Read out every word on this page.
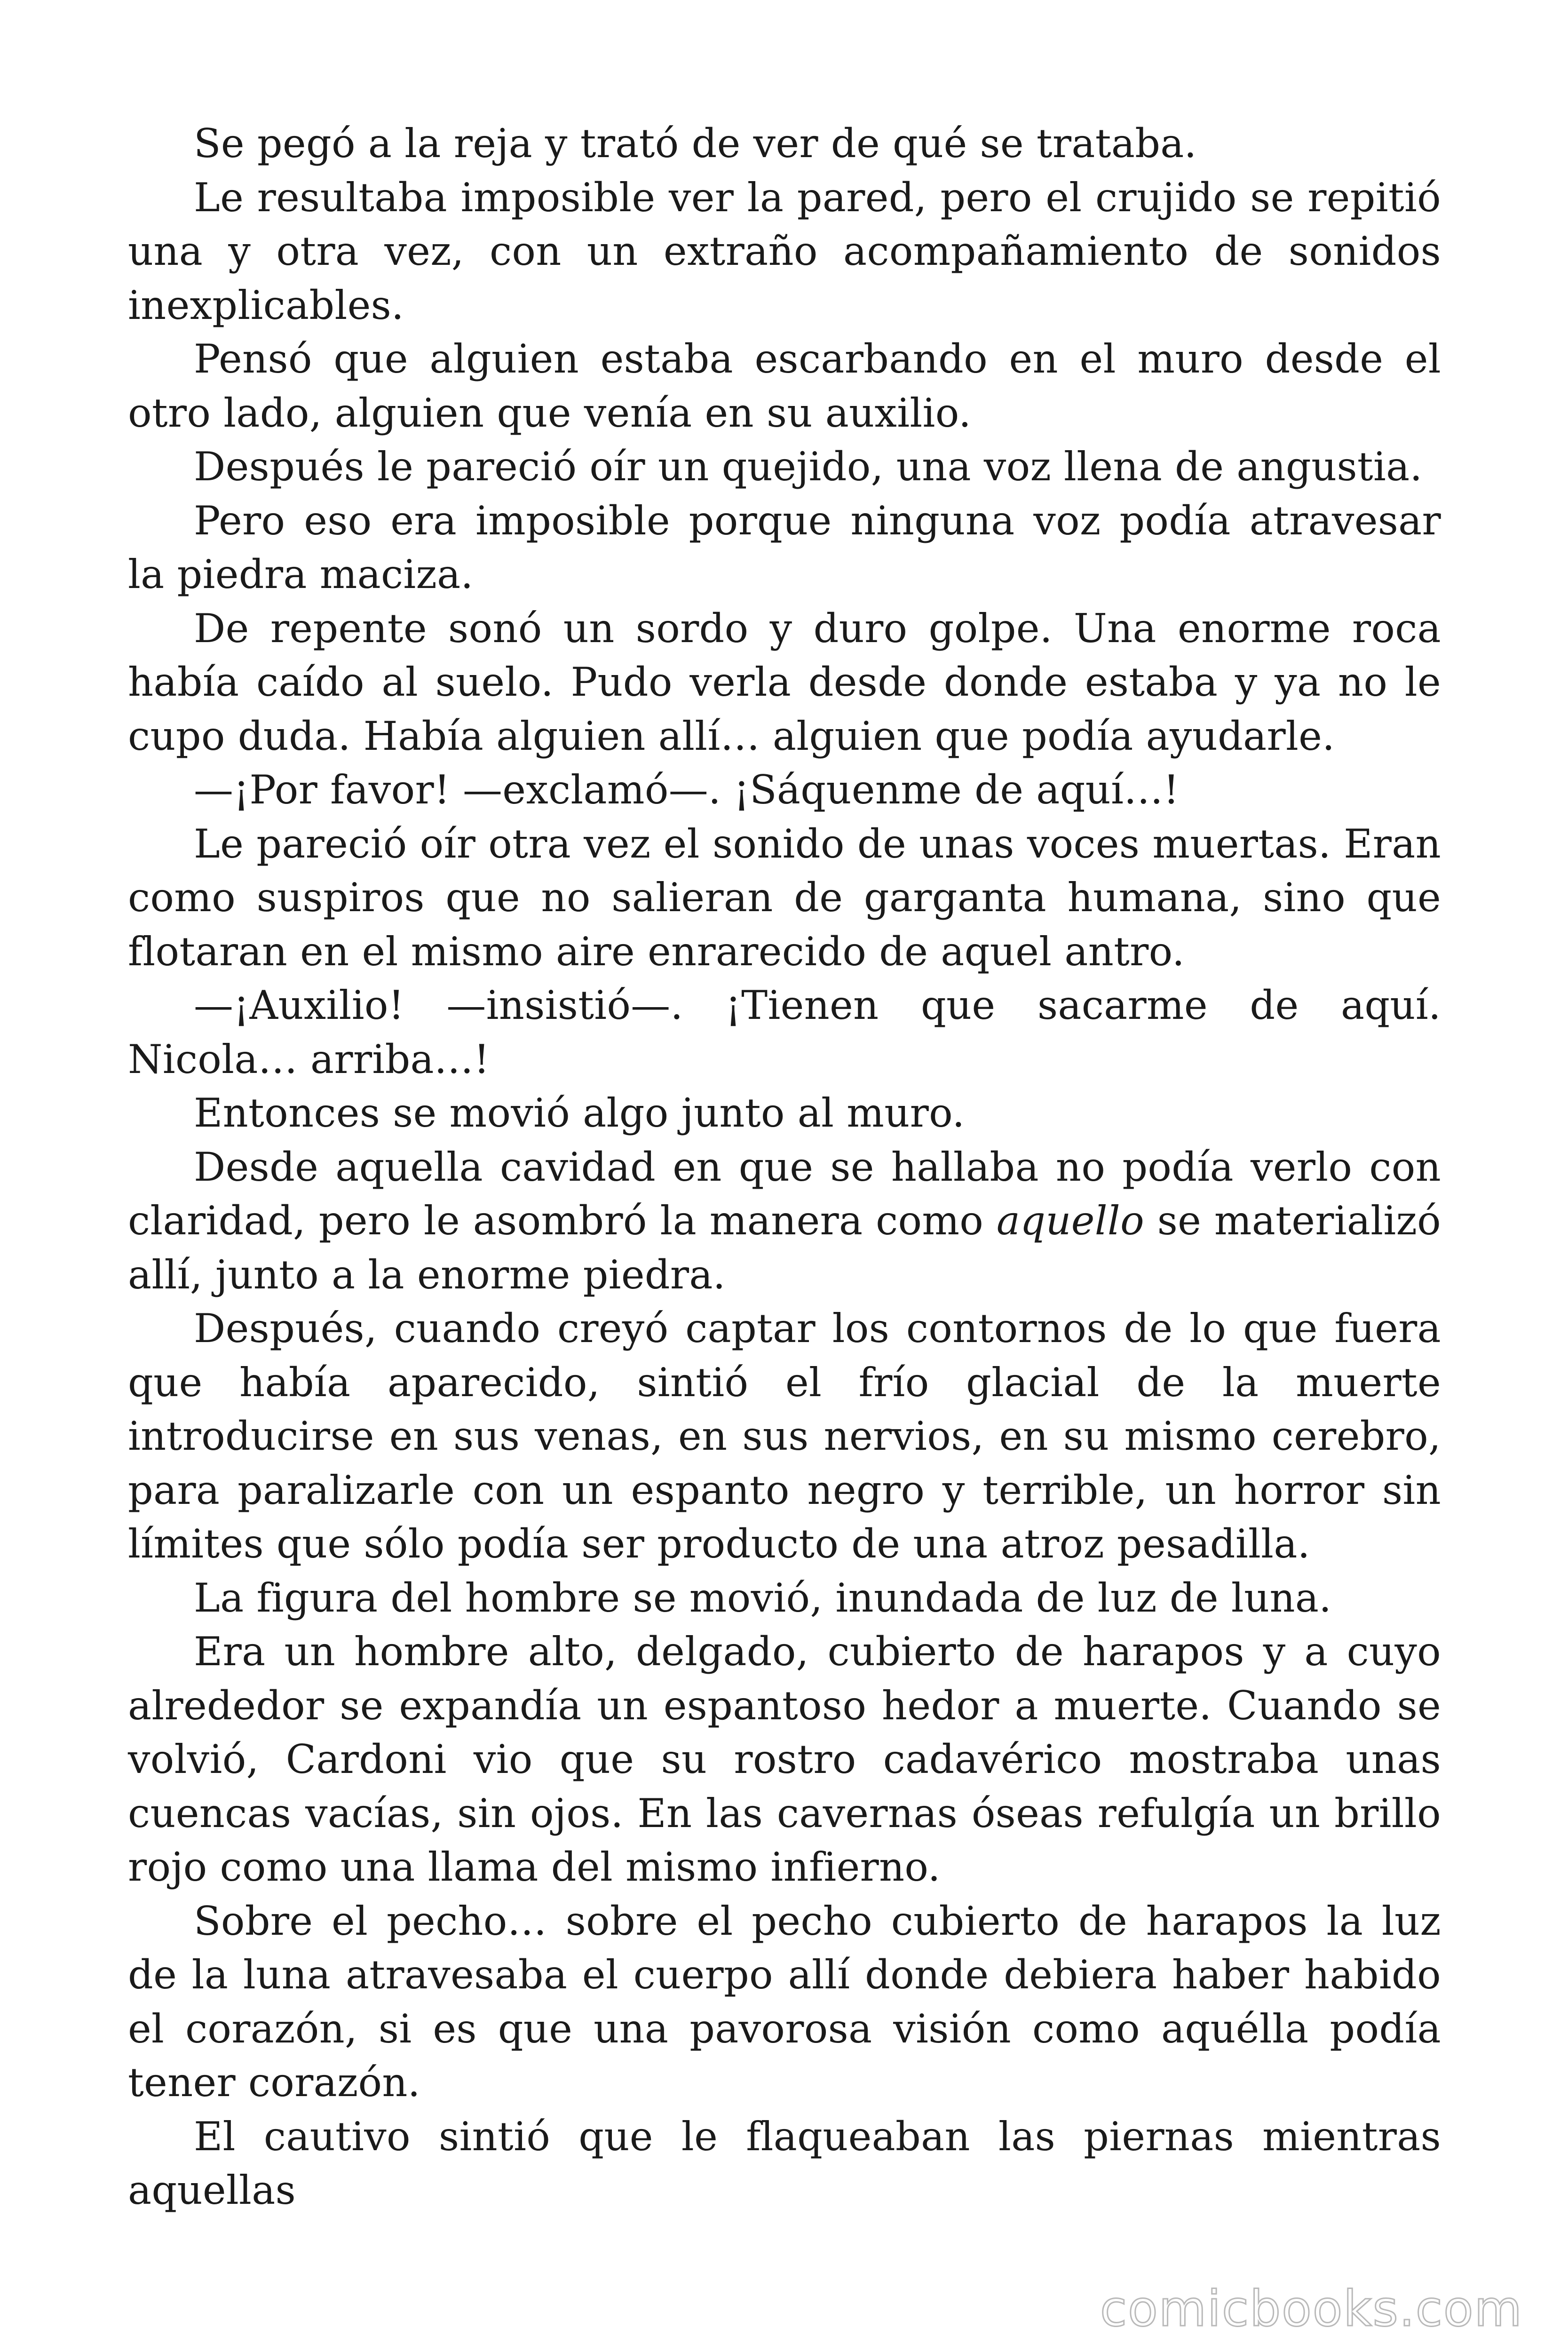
Se pegó a la reja y trató de ver de qué se trataba.

Le resultaba imposible ver la pared, pero el crujido se repitió una y otra vez, con un extraño acompañamiento de sonidos inexplicables.

Pensó que alguien estaba escarbando en el muro desde el otro lado, alguien que venía en su auxilio.

Después le pareció oír un quejido, una voz llena de angustia.

Pero eso era imposible porque ninguna voz podía atravesar la piedra maciza.

De repente sonó un sordo y duro golpe. Una enorme roca había caído al suelo. Pudo verla desde donde estaba y ya no le cupo duda. Había alguien allí… alguien que podía ayudarle.

—¡Por favor! —exclamó—. ¡Sáquenme de aquí…!

Le pareció oír otra vez el sonido de unas voces muertas. Eran como suspiros que no salieran de garganta humana, sino que flotaran en el mismo aire enrarecido de aquel antro.

—¡Auxilio! —insistió—. ¡Tienen que sacarme de aquí. Nicola… arriba…!

Entonces se movió algo junto al muro.

Desde aquella cavidad en que se hallaba no podía verlo con claridad, pero le asombró la manera como aquello se materializó allí, junto a la enorme piedra.

Después, cuando creyó captar los contornos de lo que fuera que había aparecido, sintió el frío glacial de la muerte introducirse en sus venas, en sus nervios, en su mismo cerebro, para paralizarle con un espanto negro y terrible, un horror sin límites que sólo podía ser producto de una atroz pesadilla.

La figura del hombre se movió, inundada de luz de luna.

Era un hombre alto, delgado, cubierto de harapos y a cuyo alrededor se expandía un espantoso hedor a muerte. Cuando se volvió, Cardoni vio que su rostro cadavérico mostraba unas cuencas vacías, sin ojos. En las cavernas óseas refulgía un brillo rojo como una llama del mismo infierno.

Sobre el pecho… sobre el pecho cubierto de harapos la luz de la luna atravesaba el cuerpo allí donde debiera haber habido el corazón, si es que una pavorosa visión como aquélla podía tener corazón.

El cautivo sintió que le flaqueaban las piernas mientras aquellas

comicbooks.com
